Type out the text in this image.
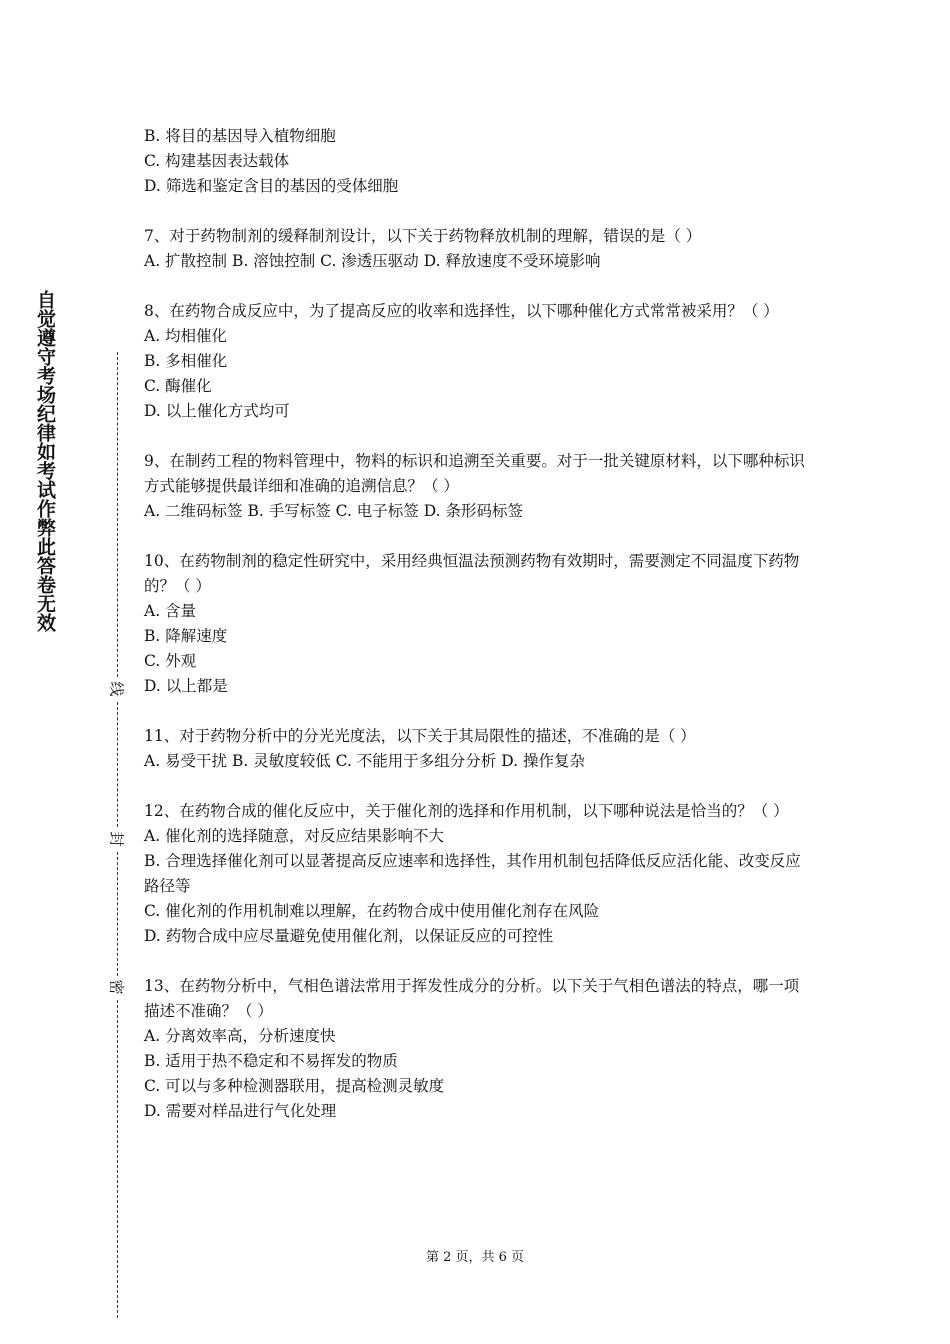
自觉遵守考场纪律如考试作弊此答卷无效
线
封
密
B. 将目的基因导入植物细胞
C. 构建基因表达载体
D. 筛选和鉴定含目的基因的受体细胞
7、对于药物制剂的缓释制剂设计，以下关于药物释放机制的理解，错误的是（ ）
A. 扩散控制 B. 溶蚀控制 C. 渗透压驱动 D. 释放速度不受环境影响
8、在药物合成反应中，为了提高反应的收率和选择性，以下哪种催化方式常常被采用？（ ）
A. 均相催化
B. 多相催化
C. 酶催化
D. 以上催化方式均可
9、在制药工程的物料管理中，物料的标识和追溯至关重要。对于一批关键原材料，以下哪种标识方式能够提供最详细和准确的追溯信息？（ ）
A. 二维码标签 B. 手写标签 C. 电子标签 D. 条形码标签
10、在药物制剂的稳定性研究中，采用经典恒温法预测药物有效期时，需要测定不同温度下药物的？（ ）
A. 含量
B. 降解速度
C. 外观
D. 以上都是
11、对于药物分析中的分光光度法，以下关于其局限性的描述，不准确的是（ ）
A. 易受干扰 B. 灵敏度较低 C. 不能用于多组分分析 D. 操作复杂
12、在药物合成的催化反应中，关于催化剂的选择和作用机制，以下哪种说法是恰当的？（ ）
A. 催化剂的选择随意，对反应结果影响不大
B. 合理选择催化剂可以显著提高反应速率和选择性，其作用机制包括降低反应活化能、改变反应路径等
C. 催化剂的作用机制难以理解，在药物合成中使用催化剂存在风险
D. 药物合成中应尽量避免使用催化剂，以保证反应的可控性
13、在药物分析中，气相色谱法常用于挥发性成分的分析。以下关于气相色谱法的特点，哪一项描述不准确？（ ）
A. 分离效率高，分析速度快
B. 适用于热不稳定和不易挥发的物质
C. 可以与多种检测器联用，提高检测灵敏度
D. 需要对样品进行气化处理
第 2 页，共 6 页
